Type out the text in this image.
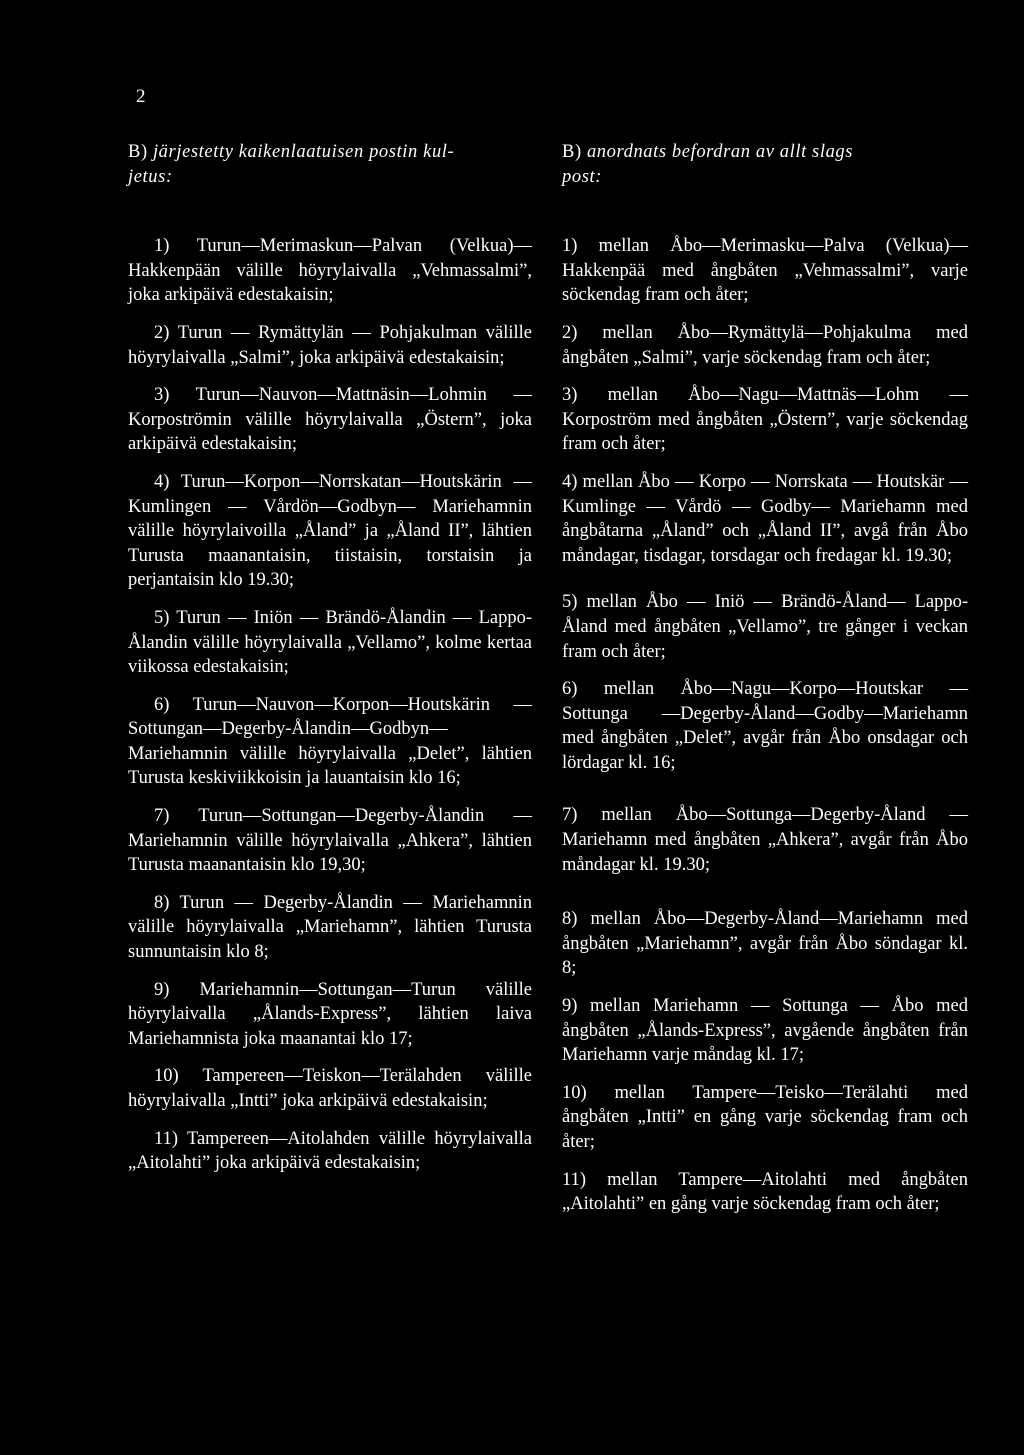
2

B) järjestetty kaikenlaatuisen postin kul-
jetus:

1) Turun—Merimaskun—Palvan (Velkua)—Hakkenpään välille höyrylaivalla „Vehmassalmi”, joka arkipäivä edestakaisin;

2) Turun — Rymättylän — Pohjakulman välille höyrylaivalla „Salmi”, joka arkipäivä edestakaisin;

3) Turun—Nauvon—Mattnäsin—Lohmin —Korpoströmin välille höyrylaivalla „Östern”, joka arkipäivä edestakaisin;

4) Turun—Korpon—Norrskatan—Houtskärin — Kumlingen — Vårdön—Godbyn— Mariehamnin välille höyrylaivoilla „Åland” ja „Åland II”, lähtien Turusta maanantaisin, tiistaisin, torstaisin ja perjantaisin klo 19.30;

5) Turun — Iniön — Brändö-Ålandin — Lappo-Ålandin välille höyrylaivalla „Vellamo”, kolme kertaa viikossa edestakaisin;

6) Turun—Nauvon—Korpon—Houtskärin — Sottungan—Degerby-Ålandin—Godbyn—Mariehamnin välille höyrylaivalla „Delet”, lähtien Turusta keskiviikkoisin ja lauantaisin klo 16;

7) Turun—Sottungan—Degerby-Ålandin —Mariehamnin välille höyrylaivalla „Ahkera”, lähtien Turusta maanantaisin klo 19,30;

8) Turun — Degerby-Ålandin — Mariehamnin välille höyrylaivalla „Mariehamn”, lähtien Turusta sunnuntaisin klo 8;

9) Mariehamnin—Sottungan—Turun välille höyrylaivalla „Ålands-Express”, lähtien laiva Mariehamnista joka maanantai klo 17;

10) Tampereen—Teiskon—Terälahden välille höyrylaivalla „Intti” joka arkipäivä edestakaisin;

11) Tampereen—Aitolahden välille höyrylaivalla „Aitolahti” joka arkipäivä edestakaisin;

B) anordnats befordran av allt slags
post:

1) mellan Åbo—Merimasku—Palva (Velkua)—Hakkenpää med ångbåten „Vehmassalmi”, varje söckendag fram och åter;

2) mellan Åbo—Rymättylä—Pohjakulma med ångbåten „Salmi”, varje söckendag fram och åter;

3) mellan Åbo—Nagu—Mattnäs—Lohm —Korpoström med ångbåten „Östern”, varje söckendag fram och åter;

4) mellan Åbo — Korpo — Norrskata — Houtskär — Kumlinge — Vårdö — Godby— Mariehamn med ångbåtarna „Åland” och „Åland II”, avgå från Åbo måndagar, tisdagar, torsdagar och fredagar kl. 19.30;

5) mellan Åbo — Iniö — Brändö-Åland— Lappo-Åland med ångbåten „Vellamo”, tre gånger i veckan fram och åter;

6) mellan Åbo—Nagu—Korpo—Houtskar — Sottunga —Degerby-Åland—Godby—Mariehamn med ångbåten „Delet”, avgår från Åbo onsdagar och lördagar kl. 16;

7) mellan Åbo—Sottunga—Degerby-Åland —Mariehamn med ångbåten „Ahkera”, avgår från Åbo måndagar kl. 19.30;

8) mellan Åbo—Degerby-Åland—Mariehamn med ångbåten „Mariehamn”, avgår från Åbo söndagar kl. 8;

9) mellan Mariehamn — Sottunga — Åbo med ångbåten „Ålands-Express”, avgående ångbåten från Mariehamn varje måndag kl. 17;

10) mellan Tampere—Teisko—Terälahti med ångbåten „Intti” en gång varje söckendag fram och åter;

11) mellan Tampere—Aitolahti med ångbåten „Aitolahti” en gång varje söckendag fram och åter;
